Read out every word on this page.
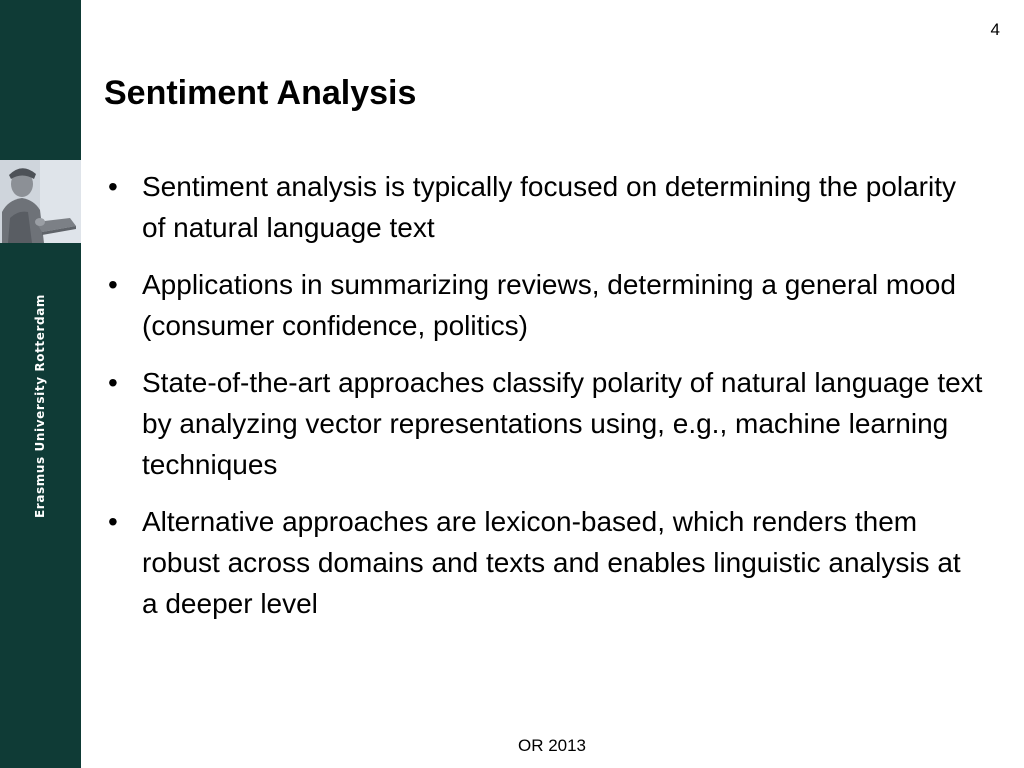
Erasmus University Rotterdam
4
Sentiment Analysis
• Sentiment analysis is typically focused on determining the polarity of natural language text
• Applications in summarizing reviews, determining a general mood (consumer confidence, politics)
• State-of-the-art approaches classify polarity of natural language text by analyzing vector representations using, e.g., machine learning techniques
• Alternative approaches are lexicon-based, which renders them robust across domains and texts and enables linguistic analysis at a deeper level
OR 2013
